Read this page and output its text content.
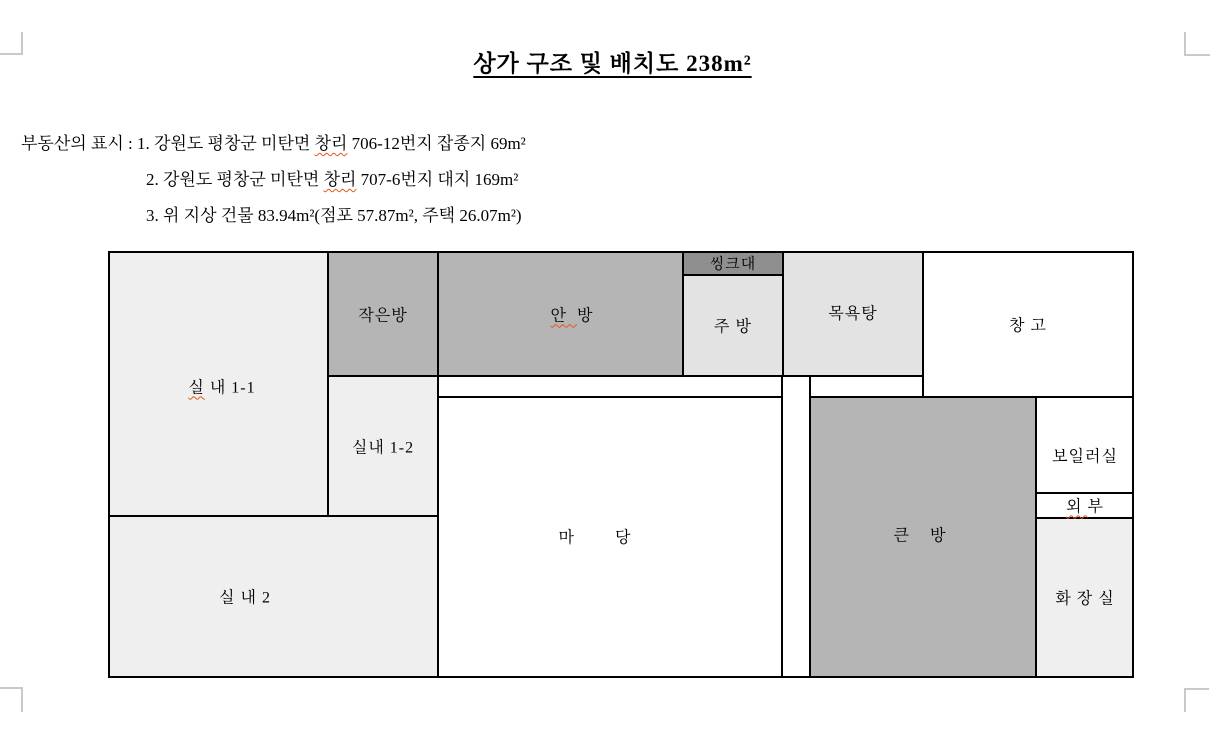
상가 구조 및 배치도 238m²
부동산의 표시 : 1. 강원도 평창군 미탄면 창리 706-12번지 잡종지 69m²
2. 강원도 평창군 미탄면 창리 707-6번지 대지 169m²
3. 위 지상 건물 83.94m²(점포 57.87m², 주택 26.07m²)
실 내 1-1
작은방	안  방
씽크대
주 방
목욕탕
창 고
실내 1-2
마        당	큰    방
보일러실
외 부
화 장 실
실 내 2
